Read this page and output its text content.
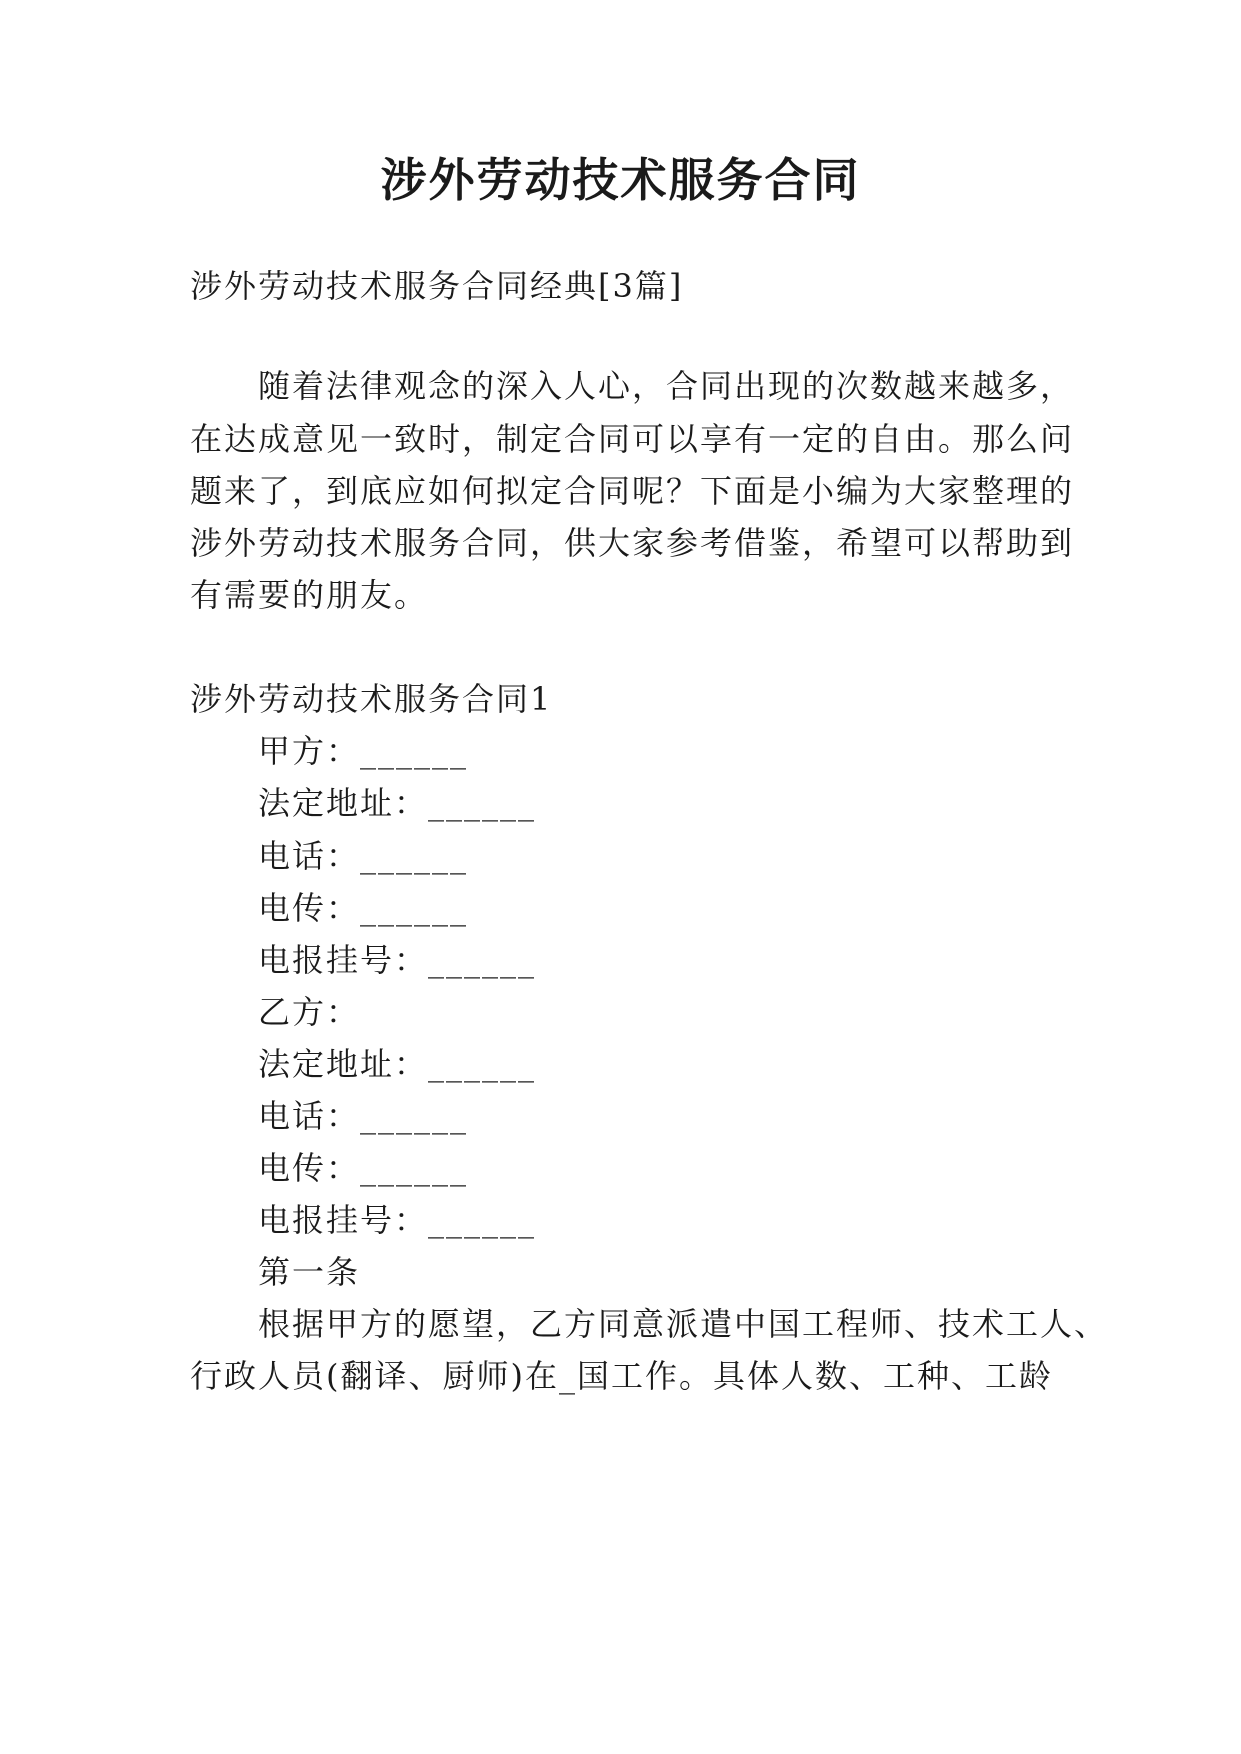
涉外劳动技术服务合同

涉外劳动技术服务合同经典[3篇]

随着法律观念的深入人心，合同出现的次数越来越多，

在达成意见一致时，制定合同可以享有一定的自由。那么问

题来了，到底应如何拟定合同呢？下面是小编为大家整理的

涉外劳动技术服务合同，供大家参考借鉴，希望可以帮助到

有需要的朋友。

涉外劳动技术服务合同1

甲方：______

法定地址：______

电话：______

电传：______

电报挂号：______

乙方：

法定地址：______

电话：______

电传：______

电报挂号：______

第一条

根据甲方的愿望，乙方同意派遣中国工程师、技术工人、

行政人员(翻译、厨师)在_国工作。具体人数、工种、工龄
